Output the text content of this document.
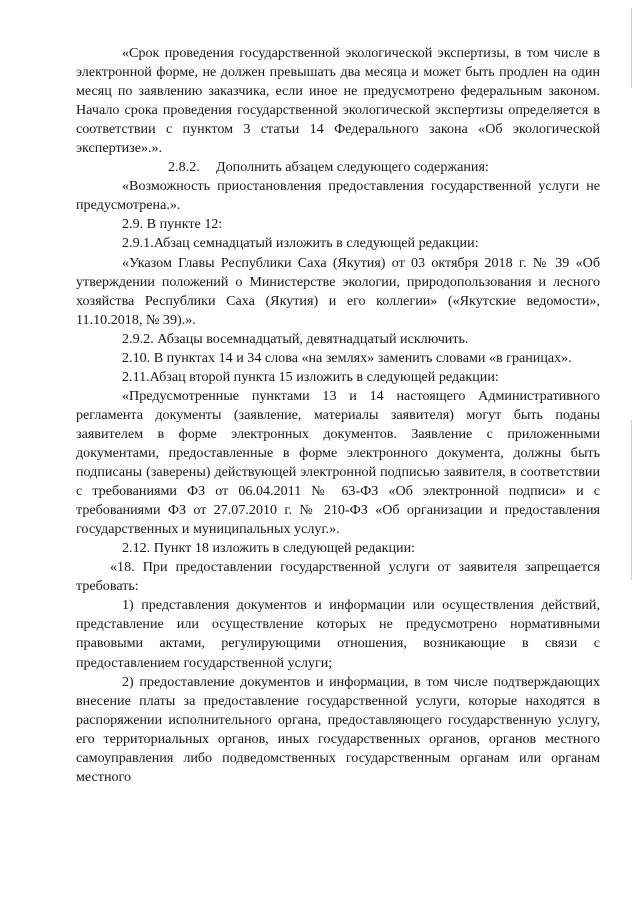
«Срок проведения государственной экологической экспертизы, в том числе в электронной форме, не должен превышать два месяца и может быть продлен на один месяц по заявлению заказчика, если иное не предусмотрено федеральным законом. Начало срока проведения государственной экологической экспертизы определяется в соответствии с пунктом 3 статьи 14 Федерального закона «Об экологической экспертизе».».

2.8.2. Дополнить абзацем следующего содержания:

«Возможность приостановления предоставления государственной услуги не предусмотрена.».

2.9. В пункте 12:

2.9.1.Абзац семнадцатый изложить в следующей редакции:

«Указом Главы Республики Саха (Якутия) от 03 октября 2018 г. № 39 «Об утверждении положений о Министерстве экологии, природопользования и лесного хозяйства Республики Саха (Якутия) и его коллегии» («Якутские ведомости», 11.10.2018, № 39).».

2.9.2. Абзацы восемнадцатый, девятнадцатый исключить.

2.10. В пунктах 14 и 34 слова «на землях» заменить словами «в границах».

2.11.Абзац второй пункта 15 изложить в следующей редакции:

«Предусмотренные пунктами 13 и 14 настоящего Административного регламента документы (заявление, материалы заявителя) могут быть поданы заявителем в форме электронных документов. Заявление с приложенными документами, предоставленные в форме электронного документа, должны быть подписаны (заверены) действующей электронной подписью заявителя, в соответствии с требованиями ФЗ от 06.04.2011 № 63-ФЗ «Об электронной подписи» и с требованиями ФЗ от 27.07.2010 г. № 210-ФЗ «Об организации и предоставления государственных и муниципальных услуг.».

2.12. Пункт 18 изложить в следующей редакции:

«18. При предоставлении государственной услуги от заявителя запрещается требовать:

1) представления документов и информации или осуществления действий, представление или осуществление которых не предусмотрено нормативными правовыми актами, регулирующими отношения, возникающие в связи с предоставлением государственной услуги;

2) предоставление документов и информации, в том числе подтверждающих внесение платы за предоставление государственной услуги, которые находятся в распоряжении исполнительного органа, предоставляющего государственную услугу, его территориальных органов, иных государственных органов, органов местного самоуправления либо подведомственных государственным органам или органам местного
